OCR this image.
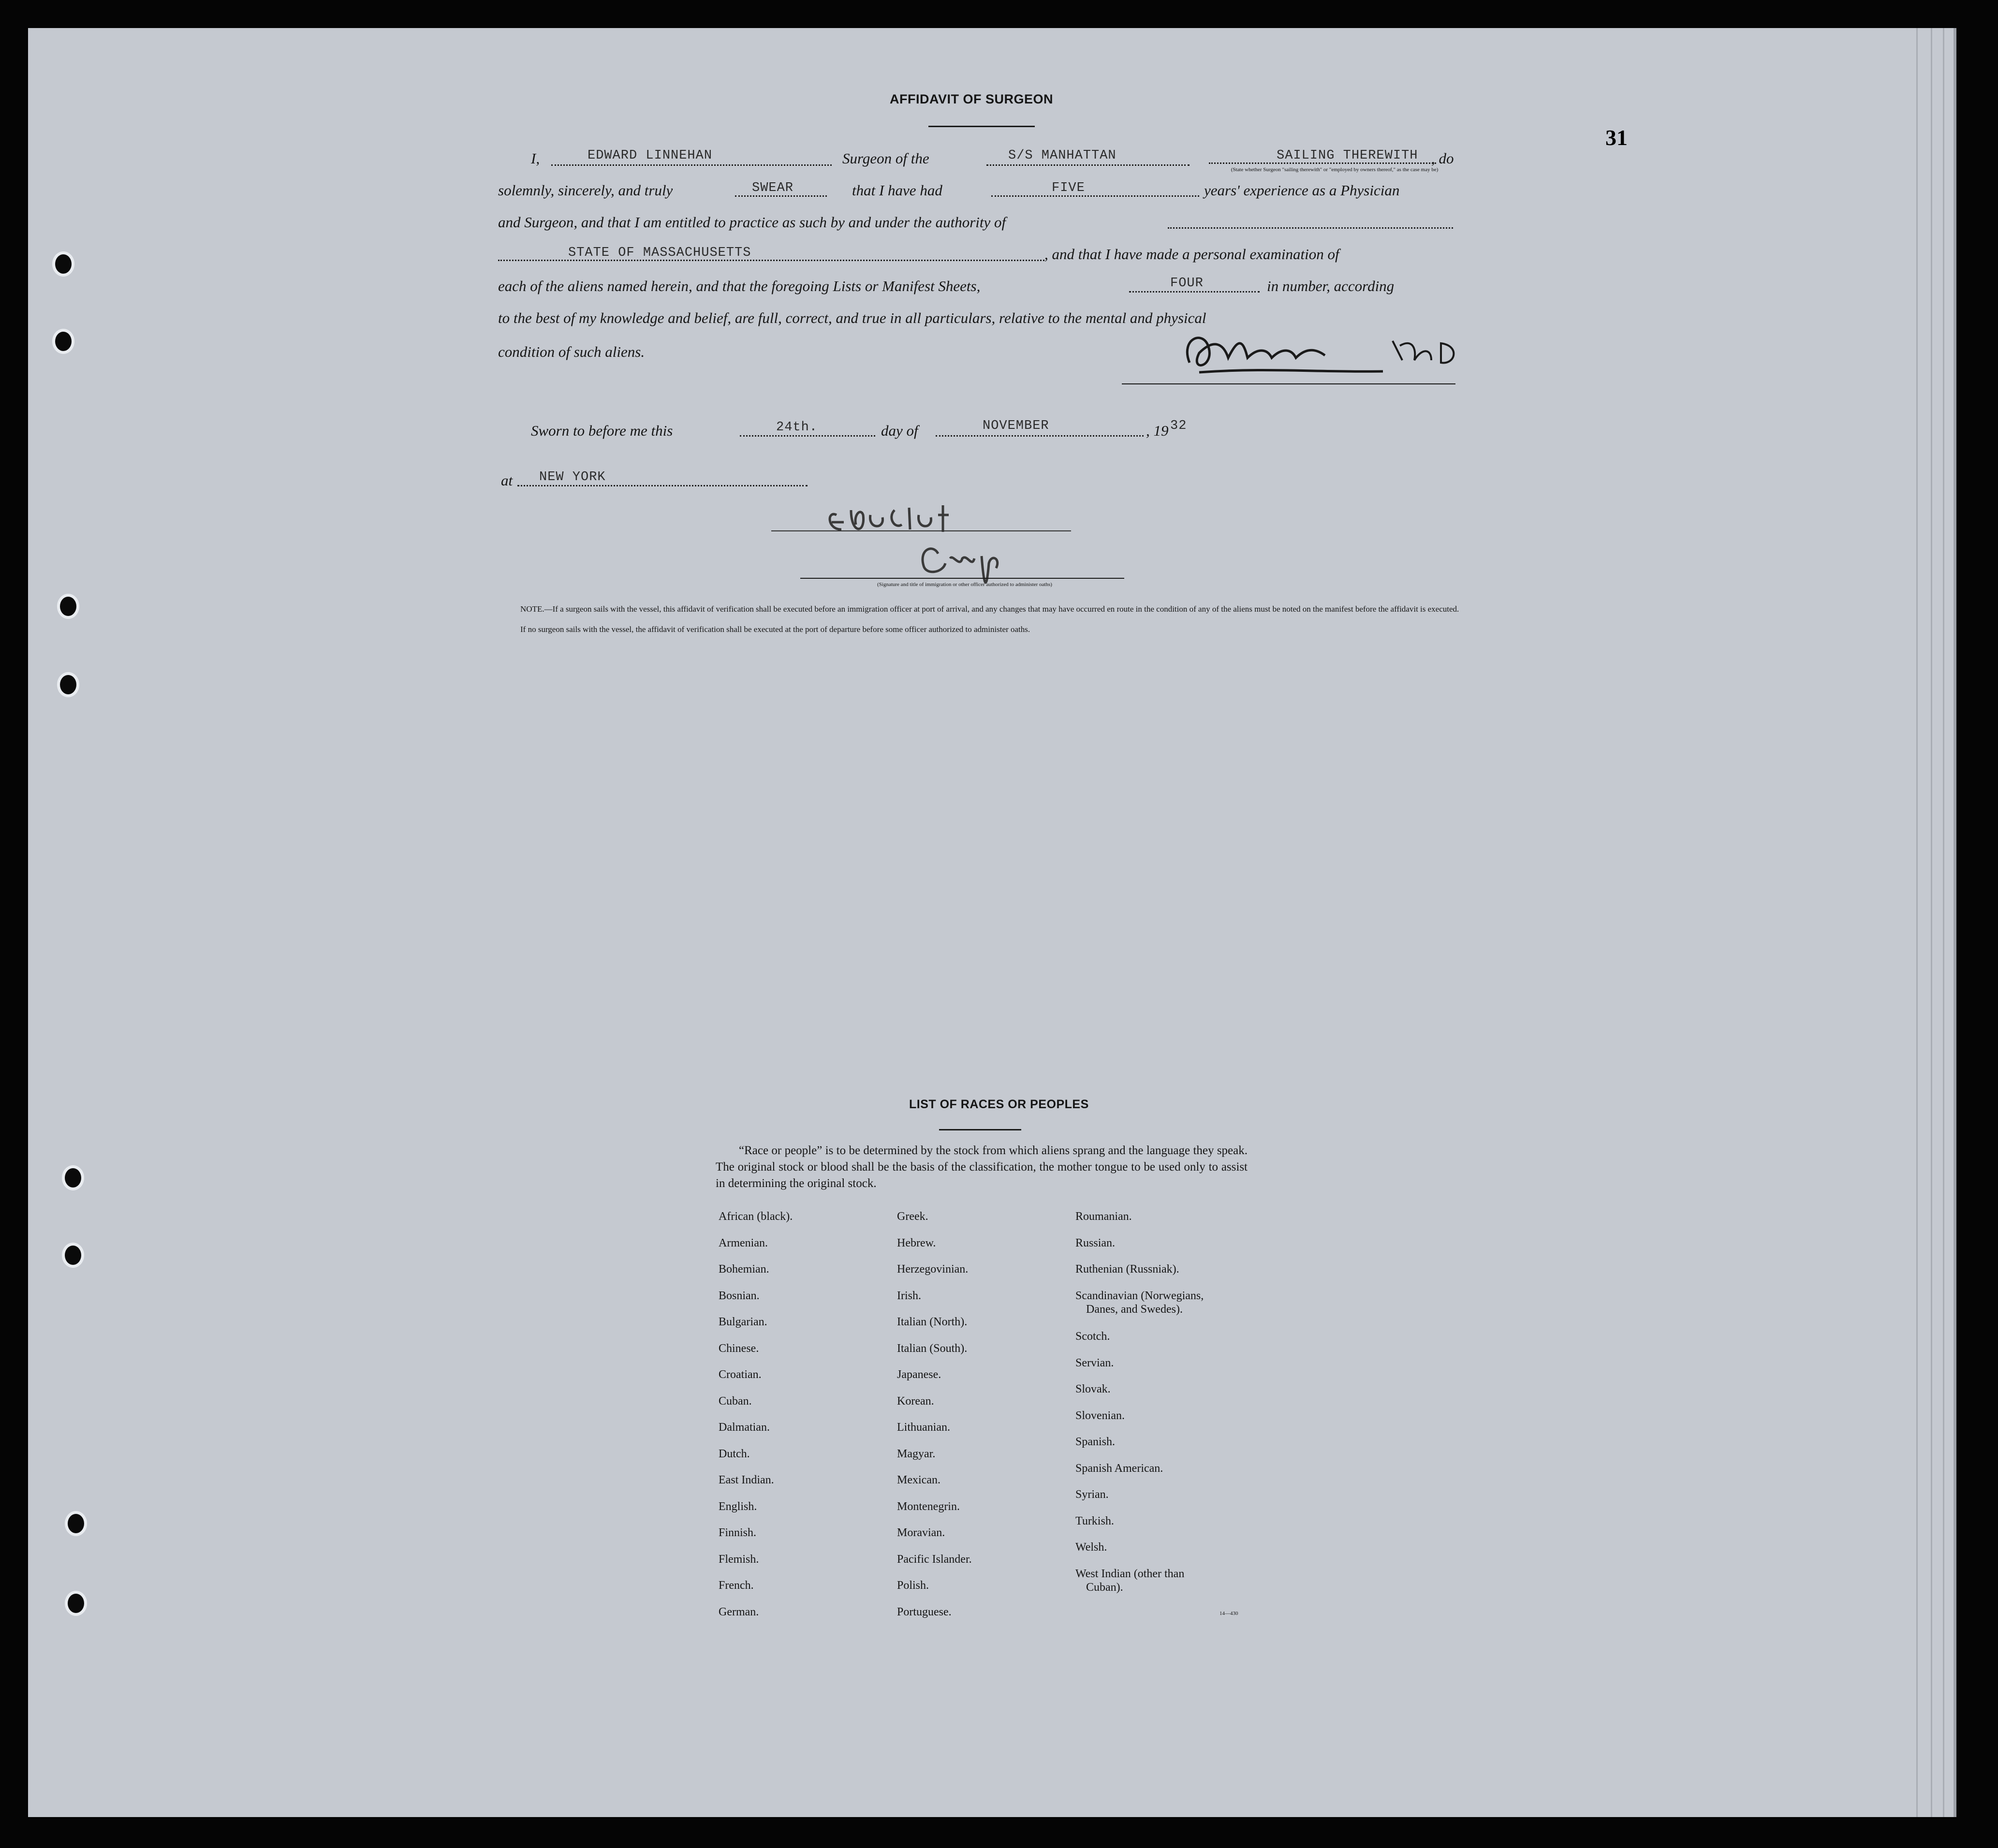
31
AFFIDAVIT OF SURGEON
I,	EDWARD LINNEHAN	Surgeon of the	S/S MANHATTAN	SAILING THEREWITH , do
(State whether Surgeon "sailing therewith" or "employed by owners thereof," as the case may be)
solemnly, sincerely, and truly	SWEAR	that I have had	FIVE	years' experience as a Physician
and Surgeon, and that I am entitled to practice as such by and under the authority of
STATE OF MASSACHUSETTS	, and that I have made a personal examination of
each of the aliens named herein, and that the foregoing Lists or Manifest Sheets,	FOUR	in number, according
to the best of my knowledge and belief, are full, correct, and true in all particulars, relative to the mental and physical
condition of such aliens.
Sworn to before me this	24th.	day of	NOVEMBER	, 19 32
at NEW YORK
(Signature and title of immigration or other officer authorized to administer oaths)
NOTE.—If a surgeon sails with the vessel, this affidavit of verification shall be executed before an immigration officer at port of arrival, and any changes that may have occurred en route in the condition of any of the aliens must be noted on the manifest before the affidavit is executed.
If no surgeon sails with the vessel, the affidavit of verification shall be executed at the port of departure before some officer authorized to administer oaths.
LIST OF RACES OR PEOPLES
“Race or people” is to be determined by the stock from which aliens sprang and the language they speak. The original stock or blood shall be the basis of the classification, the mother tongue to be used only to assist in determining the original stock.
African (black).
Armenian.
Bohemian.
Bosnian.
Bulgarian.
Chinese.
Croatian.
Cuban.
Dalmatian.
Dutch.
East Indian.
English.
Finnish.
Flemish.
French.
German.
Greek.
Hebrew.
Herzegovinian.
Irish.
Italian (North).
Italian (South).
Japanese.
Korean.
Lithuanian.
Magyar.
Mexican.
Montenegrin.
Moravian.
Pacific Islander.
Polish.
Portuguese.
Roumanian.
Russian.
Ruthenian (Russniak).
Scandinavian (Norwegians,
Danes, and Swedes).
Scotch.
Servian.
Slovak.
Slovenian.
Spanish.
Spanish American.
Syrian.
Turkish.
Welsh.
West Indian (other than
Cuban).
14—430
